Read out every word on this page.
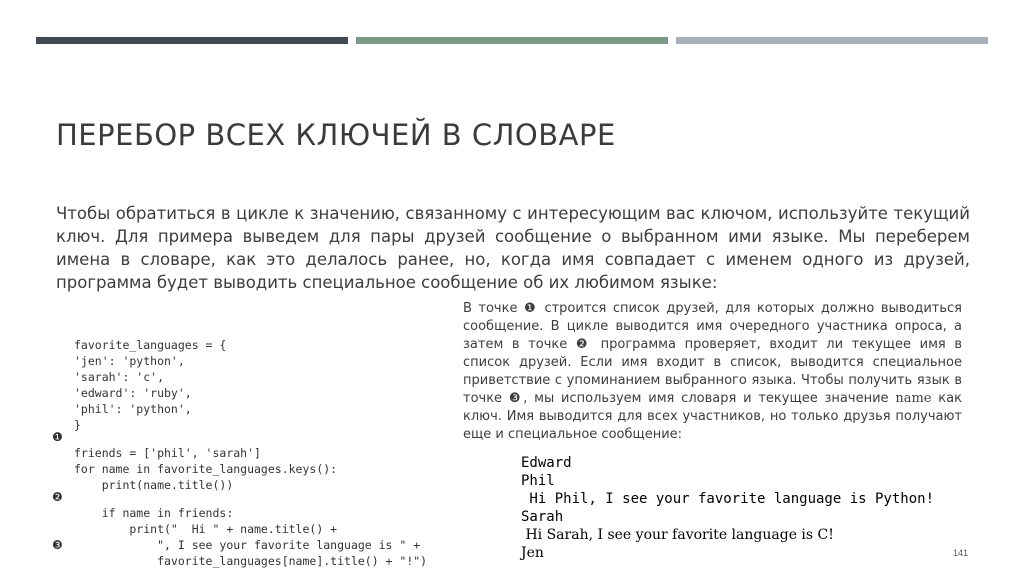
ПЕРЕБОР ВСЕХ КЛЮЧЕЙ В СЛОВАРЕ

Чтобы обратиться в цикле к значению, связанному с интересующим вас ключом, используйте текущий ключ. Для примера выведем для пары друзей сообщение о выбранном ими языке. Мы переберем имена в словаре, как это делалось ранее, но, когда имя совпадает с именем одного из друзей, программа будет выводить специальное сообщение об их любимом языке:

favorite_languages = {

'jen': 'python',

'sarah': 'c',

'edward': 'ruby',

'phil': 'python',

}

❶

friends = ['phil', 'sarah']

for name in favorite_languages.keys():

print(name.title())

❷

if name in friends:

print("  Hi " + name.title() +

", I see your favorite language is " +

❸

favorite_languages[name].title() + "!")

В точке ❶ строится список друзей, для которых должно выводиться сообщение. В цикле выводится имя очередного участника опроса, а затем в точке ❷ программа проверяет, входит ли текущее имя в список друзей. Если имя входит в список, выводится специальное приветствие с упоминанием выбранного языка. Чтобы получить язык в точке ❸, мы используем имя словаря и текущее значение name как ключ. Имя выводится для всех участников, но только друзья получают еще и специальное сообщение:

Edward
Phil
Hi Phil, I see your favorite language is Python!
Sarah
Hi Sarah, I see your favorite language is C!
Jen	141
